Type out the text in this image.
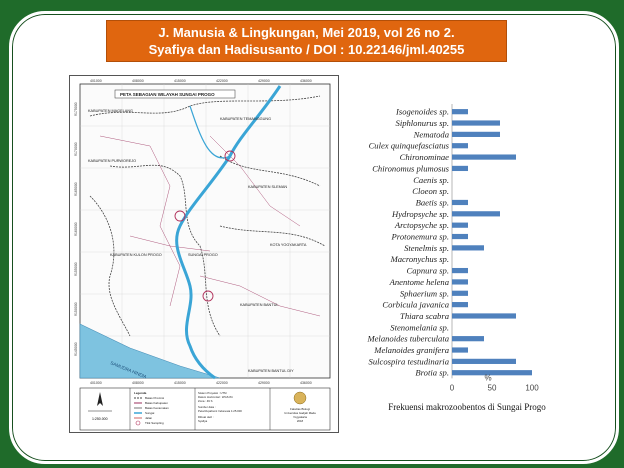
J. Manusia & Lingkungan, Mei 2019, vol 26 no 2.
Syafiya dan Hadisusanto / DOI : 10.22146/jml.40255
401000	408000	415000	422000	429000	436000
401000	408000	415000	422000	429000	436000
9175000
9170000
9165000
9160000
9155000
9150000
9145000
SAMUDRA HINDIA
PETA SEBAGIAN WILAYAH SUNGAI PROGO
KABUPATEN MAGELANG
KABUPATEN TEMANGGUNG
KABUPATEN PURWOREJO
KABUPATEN KULON PROGO
KABUPATEN SLEMAN
KABUPATEN BANTUL
KOTA YOGYAKARTA
SUNGAI PROGO
KABUPATEN BANTUL DIY
1:250.000
Legenda
Batas Provinsi
Batas Kabupaten
Batas Kecamatan
Sungai
Jalan
Titik Sampling
Sistem Proyeksi : UTM
Datum Horizontal : WGS 84
Zona : 49 S
Sumber data :
Peta Rupabumi Indonesia 1:25.000
Dibuat oleh :
Syafiya
Fakultas Biologi
Universitas Gadjah Mada
Yogyakarta
2018
Isogenoides sp.
Siphlonurus sp.
Nematoda
Culex quinquefasciatus
Chironominae
Chironomus plumosus
Caenis sp.
Cloeon sp.
Baetis sp.
Hydropsyche sp.
Arctopsyche sp.
Protonemura sp.
Stenelmis sp.
Macronychus sp.
Capnura sp.
Anentome helena
Sphaerium sp.
Corbicula javanica
Thiara scabra
Stenomelania sp.
Melanoides tuberculata
Melanoides granifera
Sulcospira testudinaria
Brotia sp.
0	50	100
%
Frekuensi makrozoobentos di Sungai Progo
